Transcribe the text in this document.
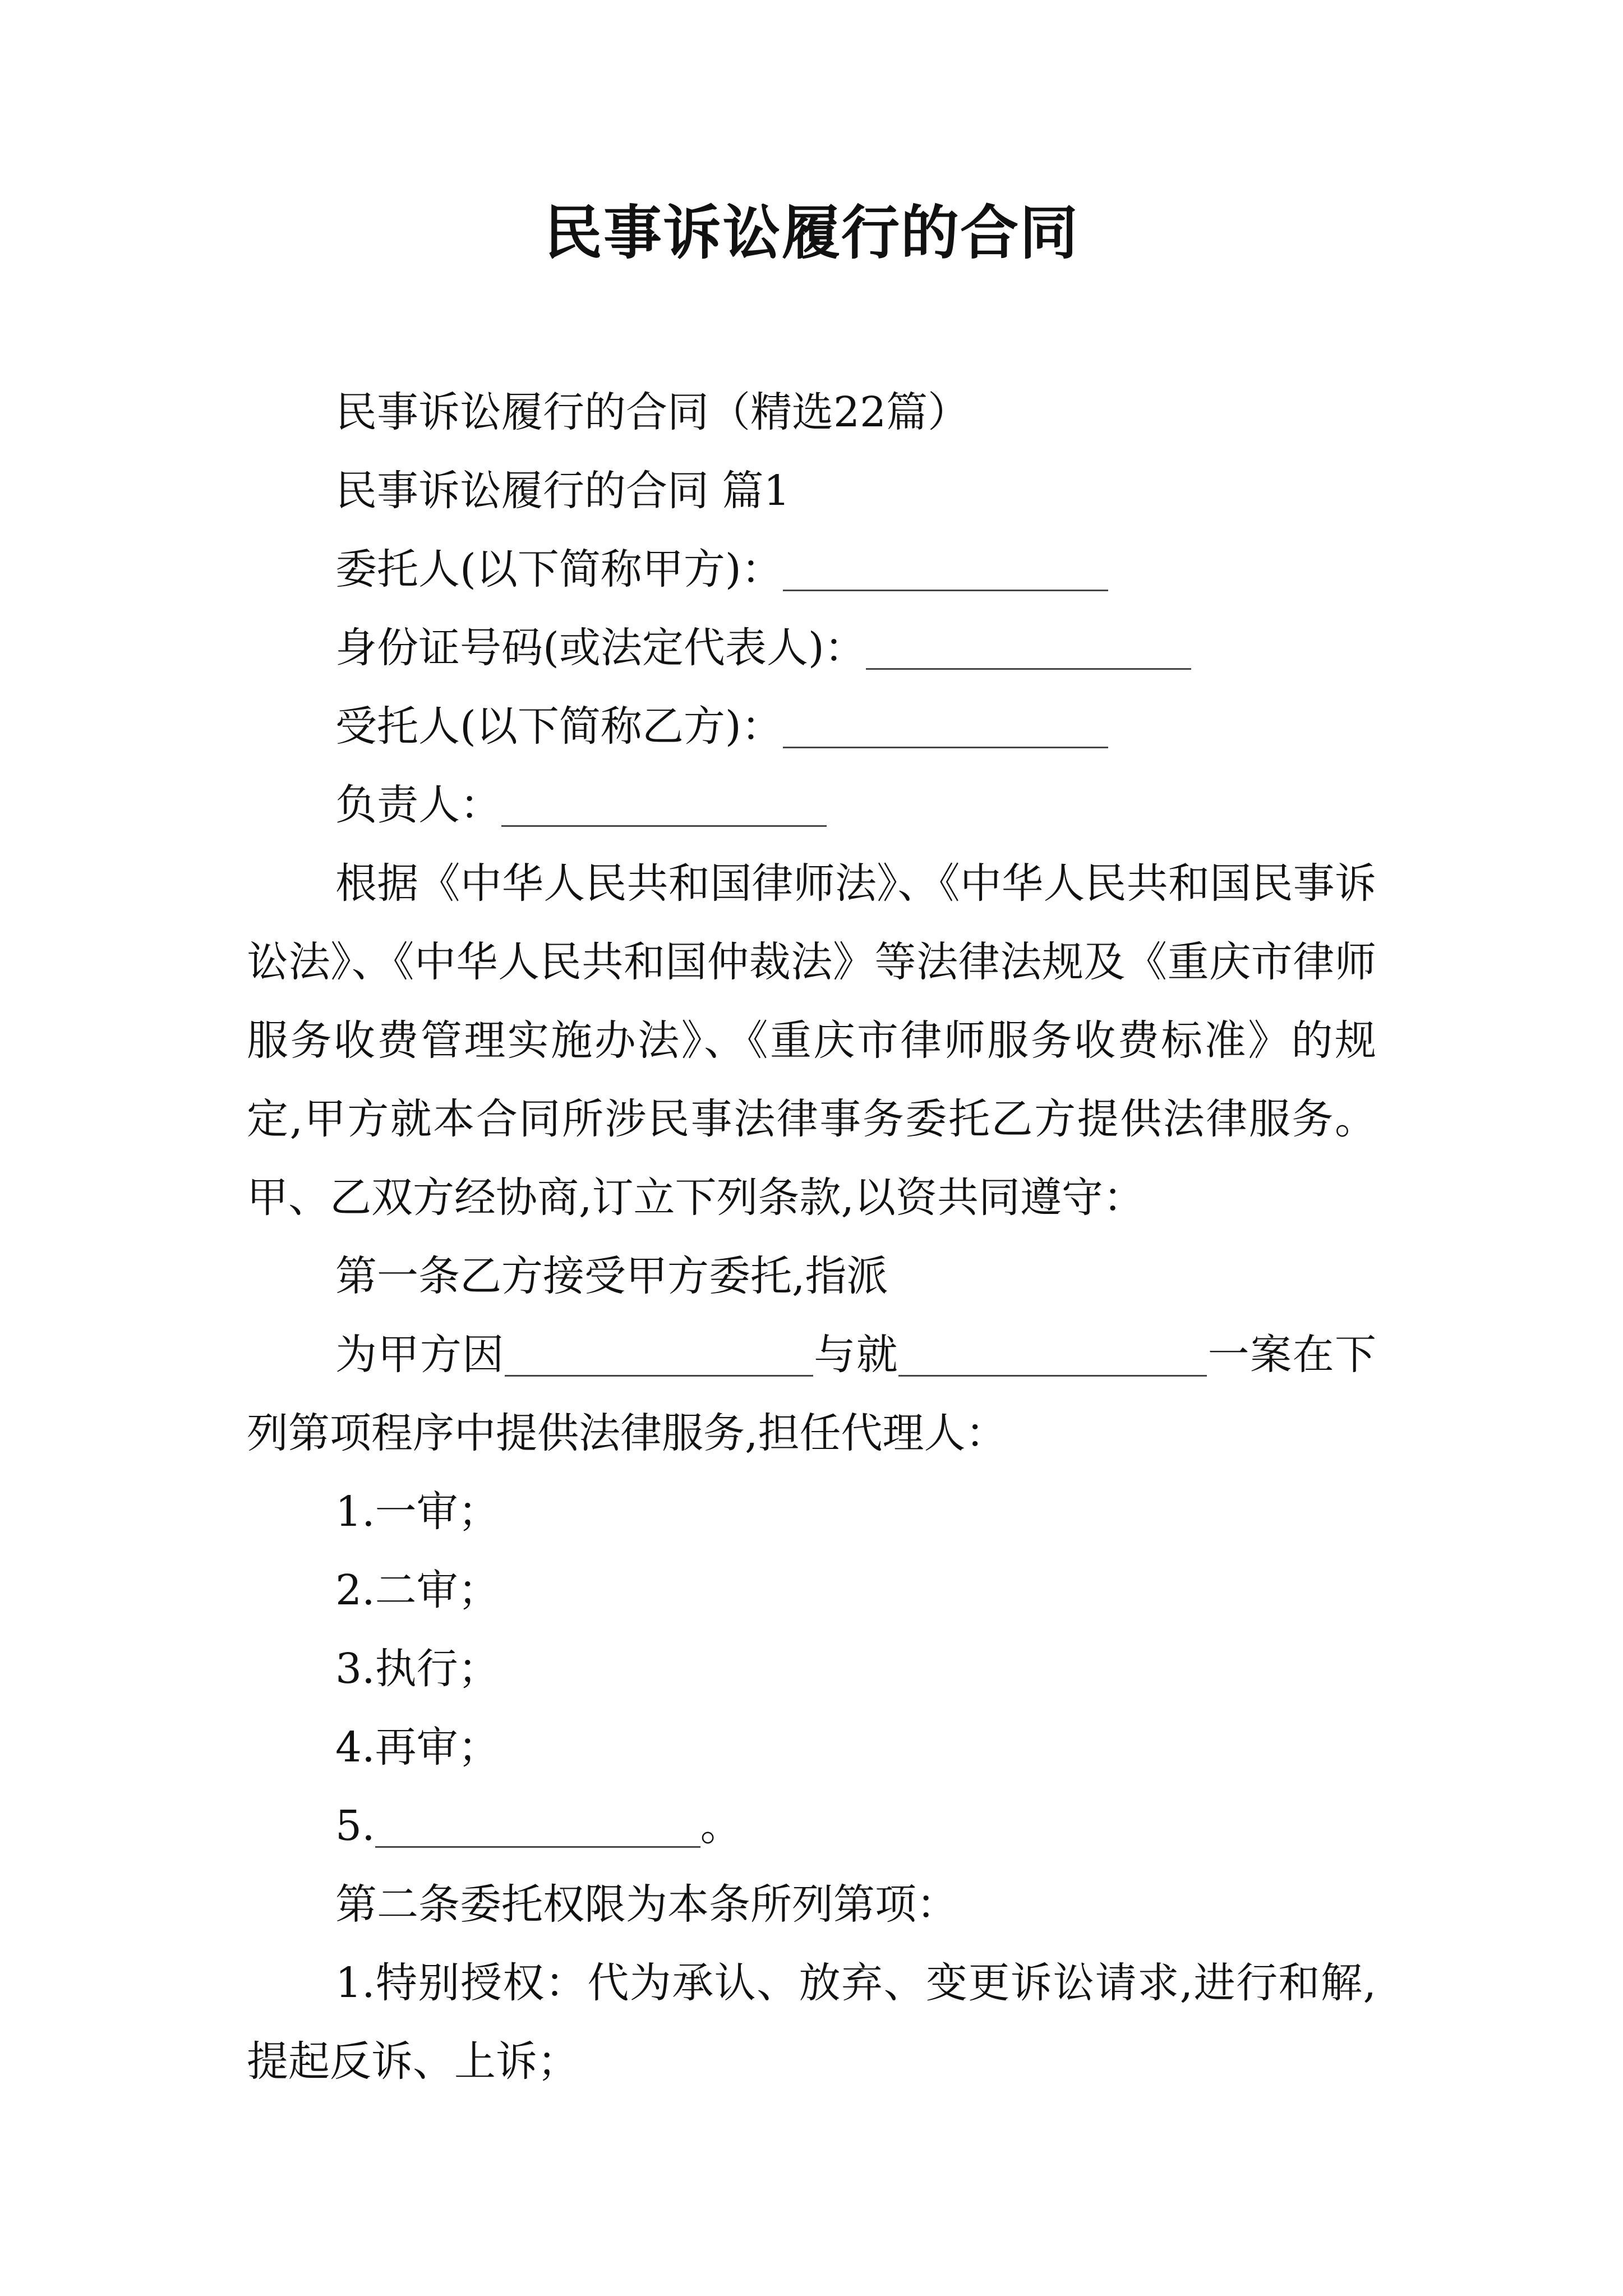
民事诉讼履行的合同

民事诉讼履行的合同（精选22篇）

民事诉讼履行的合同 篇1

委托人(以下简称甲方)：

身份证号码(或法定代表人)：

受托人(以下简称乙方)：

负责人：

根据《中华人民共和国律师法》、《中华人民共和国民事诉讼法》、《中华人民共和国仲裁法》等法律法规及《重庆市律师服务收费管理实施办法》、《重庆市律师服务收费标准》的规定,甲方就本合同所涉民事法律事务委托乙方提供法律服务。甲、乙双方经协商,订立下列条款,以资共同遵守：

第一条乙方接受甲方委托,指派

为甲方因	与就	一案在下列第项程序中提供法律服务,担任代理人：

1.一审；

2.二审；

3.执行；

4.再审；

5.	。

第二条委托权限为本条所列第项：

1.特别授权：代为承认、放弃、变更诉讼请求,进行和解,提起反诉、上诉；
